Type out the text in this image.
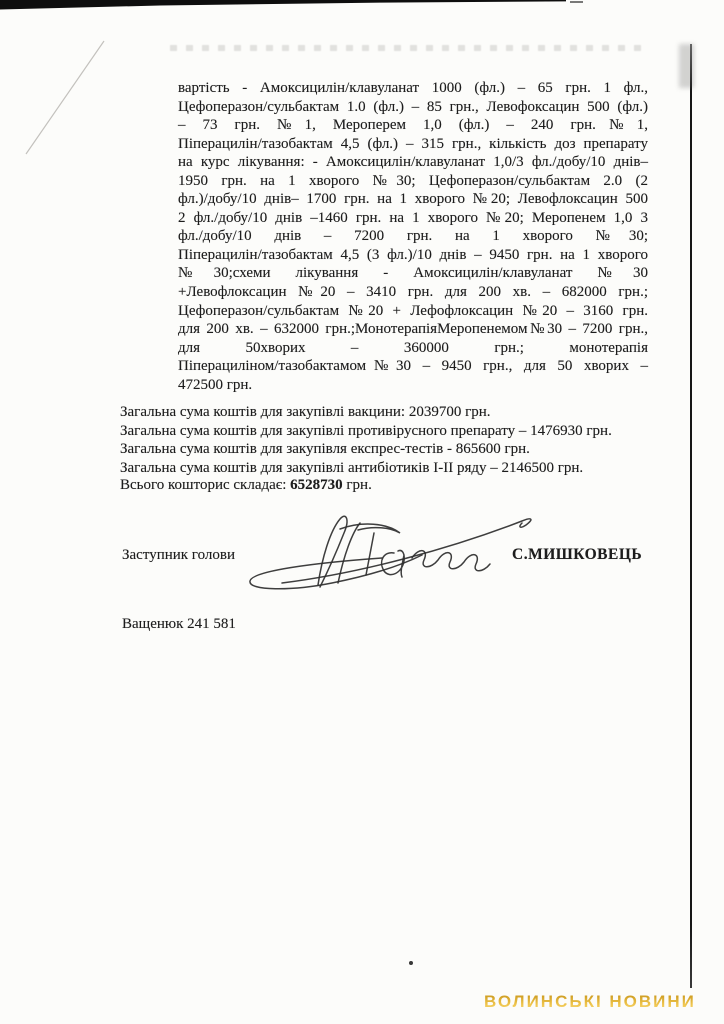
вартість - Амоксицилін/клавуланат 1000 (фл.) – 65 грн. 1 фл.,
Цефоперазон/сульбактам 1.0 (фл.) – 85 грн., Левофоксацин 500 (фл.)
– 73 грн. №1, Мероперем 1,0 (фл.) – 240 грн.№1,
Піперацилін/тазобактам 4,5 (фл.) – 315 грн., кількість доз препарату
на курс лікування: - Амоксицилін/клавуланат 1,0/3 фл./добу/10 днів–
1950 грн. на 1 хворого №30; Цефоперазон/сульбактам 2.0 (2
фл.)/добу/10 днів– 1700 грн. на 1 хворого №20; Левофлоксацин 500
2 фл./добу/10 днів –1460 грн. на 1 хворого №20; Меропенем 1,0 3
фл./добу/10 днів – 7200 грн. на 1 хворого №30;
Піперацилін/тазобактам 4,5 (3 фл.)/10 днів – 9450 грн. на 1 хворого
№30;схеми лікування - Амоксицилін/клавуланат №30
+Левофлоксацин №20 – 3410 грн. для 200 хв. – 682000 грн.;
Цефоперазон/сульбактам №20 + Лефофлоксацин №20 – 3160 грн.
для 200 хв. – 632000 грн.;МонотерапіяМеропенемом№30 – 7200 грн.,
для 50хворих – 360000 грн.; монотерапія
Піперациліном/тазобактамом№30 – 9450 грн., для 50 хворих –
472500 грн.
Загальна сума коштів для закупівлі вакцини: 2039700 грн.
Загальна сума коштів для закупівлі противірусного препарату – 1476930 грн.
Загальна сума коштів для закупівля експрес-тестів - 865600 грн.
Загальна сума коштів для закупівлі антибіотиків І-ІІ ряду – 2146500 грн.
Всього кошторис складає: 6528730 грн.
Заступник голови	С.МИШКОВЕЦЬ
Ващенюк 241 581
ВОЛИНСЬКІ НОВИНИ
